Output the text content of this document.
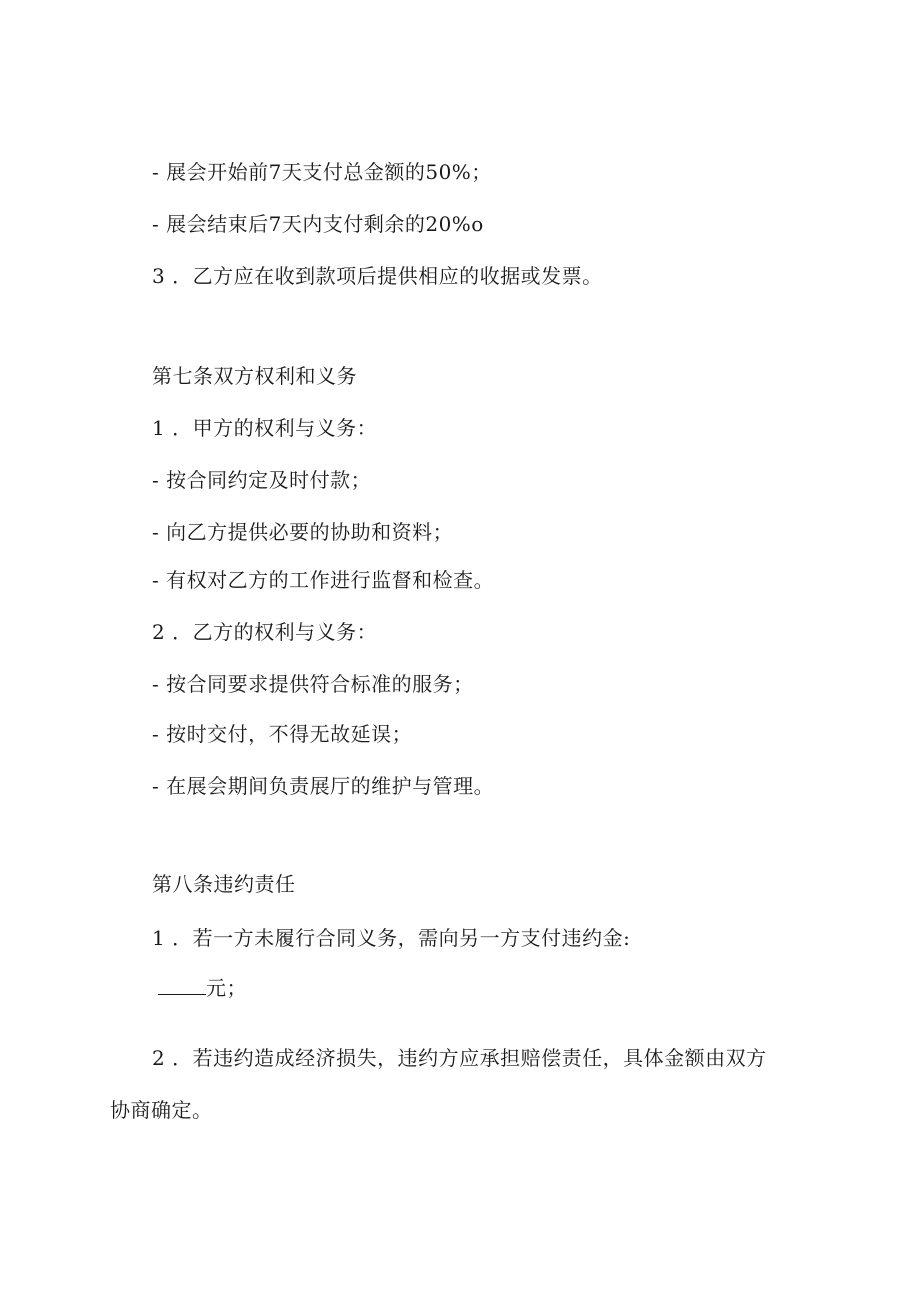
- 展会开始前7天支付总金额的50%；
- 展会结束后7天内支付剩余的20%o
3 ．乙方应在收到款项后提供相应的收据或发票。
第七条双方权利和义务
1 ．甲方的权利与义务：
- 按合同约定及时付款；
- 向乙方提供必要的协助和资料；
- 有权对乙方的工作进行监督和检查。
2 ．乙方的权利与义务：
- 按合同要求提供符合标准的服务；
- 按时交付，不得无故延误；
- 在展会期间负责展厅的维护与管理。
第八条违约责任
1 ．若一方未履行合同义务，需向另一方支付违约金:
元；
2 ．若违约造成经济损失，违约方应承担赔偿责任，具体金额由双方
协商确定。
